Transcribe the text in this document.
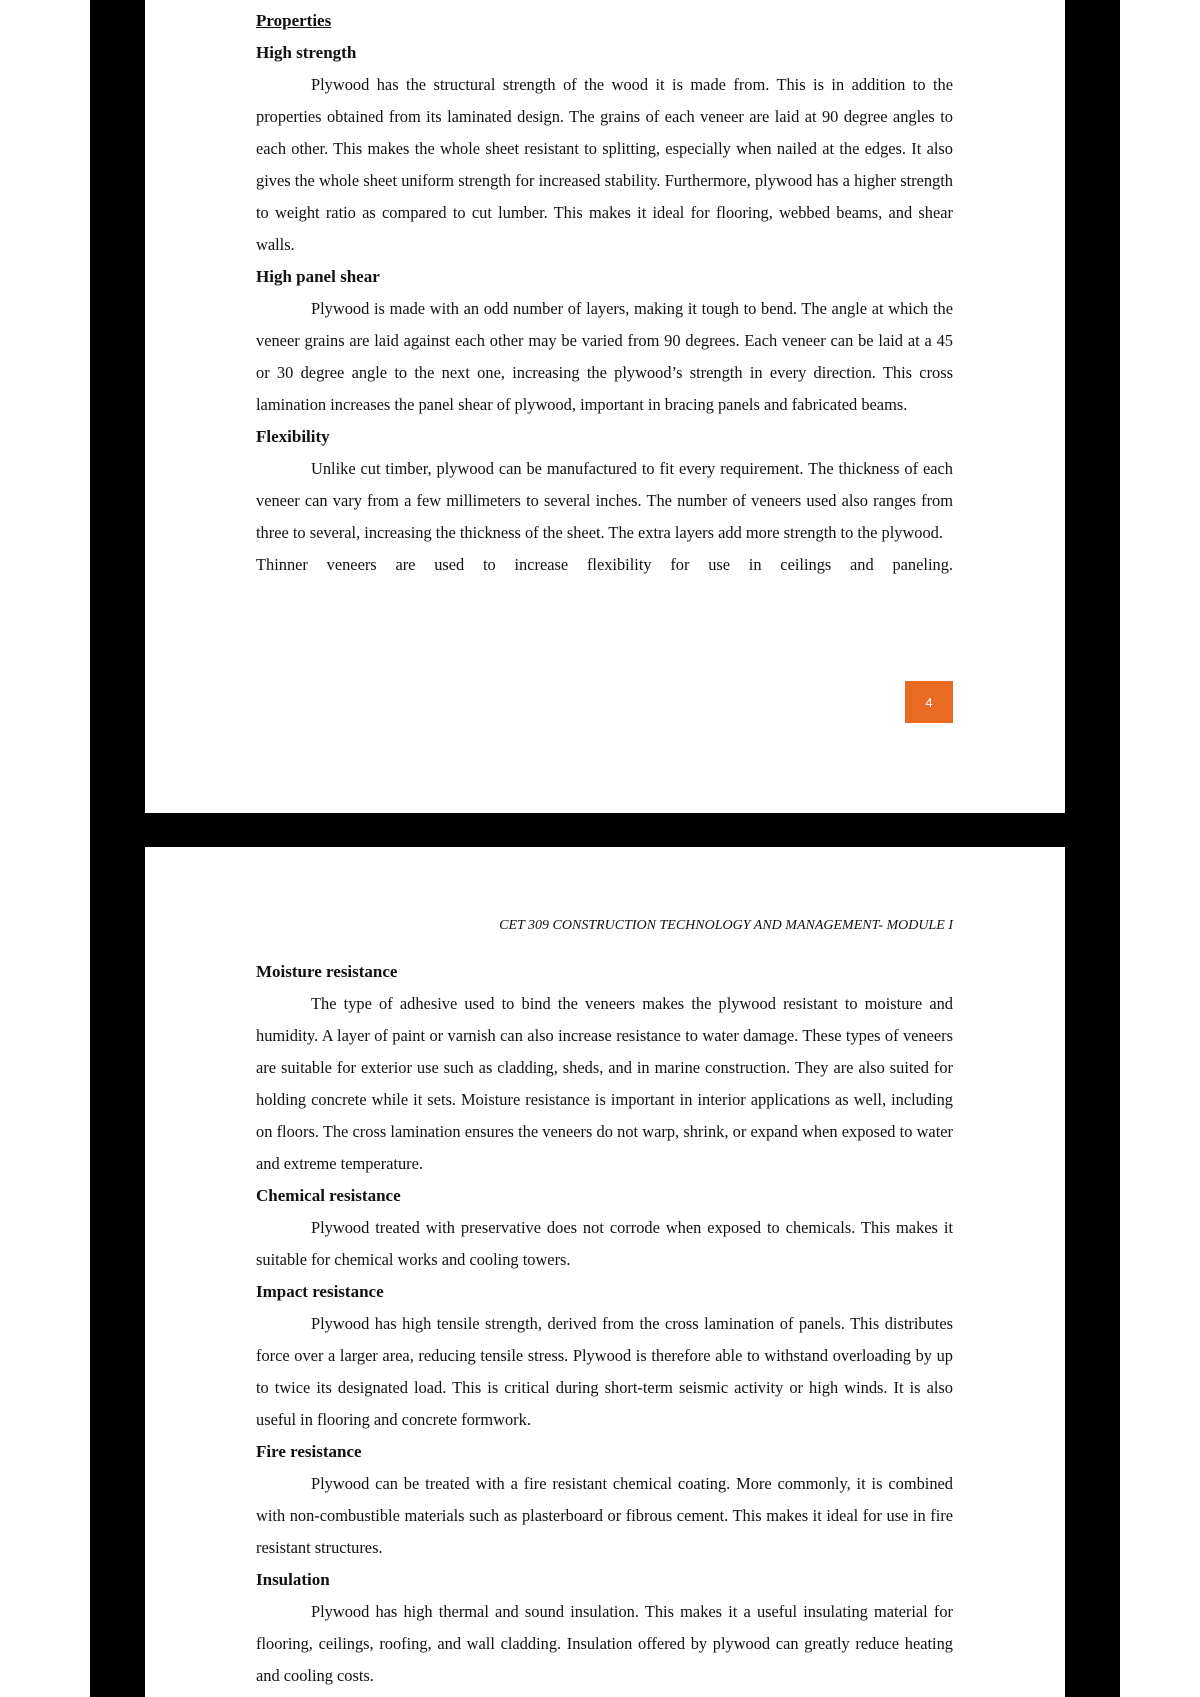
Properties
High strength
Plywood has the structural strength of the wood it is made from. This is in addition to the properties obtained from its laminated design. The grains of each veneer are laid at 90 degree angles to each other. This makes the whole sheet resistant to splitting, especially when nailed at the edges. It also gives the whole sheet uniform strength for increased stability. Furthermore, plywood has a higher strength to weight ratio as compared to cut lumber. This makes it ideal for flooring, webbed beams, and shear walls.
High panel shear
Plywood is made with an odd number of layers, making it tough to bend. The angle at which the veneer grains are laid against each other may be varied from 90 degrees. Each veneer can be laid at a 45 or 30 degree angle to the next one, increasing the plywood’s strength in every direction. This cross lamination increases the panel shear of plywood, important in bracing panels and fabricated beams.
Flexibility
Unlike cut timber, plywood can be manufactured to fit every requirement. The thickness of each veneer can vary from a few millimeters to several inches. The number of veneers used also ranges from three to several, increasing the thickness of the sheet. The extra layers add more strength to the plywood.
Thinner veneers are used to increase flexibility for use in ceilings and paneling.
4
CET 309 CONSTRUCTION TECHNOLOGY AND MANAGEMENT- MODULE I
Moisture resistance
The type of adhesive used to bind the veneers makes the plywood resistant to moisture and humidity. A layer of paint or varnish can also increase resistance to water damage. These types of veneers are suitable for exterior use such as cladding, sheds, and in marine construction. They are also suited for holding concrete while it sets. Moisture resistance is important in interior applications as well, including on floors. The cross lamination ensures the veneers do not warp, shrink, or expand when exposed to water and extreme temperature.
Chemical resistance
Plywood treated with preservative does not corrode when exposed to chemicals. This makes it suitable for chemical works and cooling towers.
Impact resistance
Plywood has high tensile strength, derived from the cross lamination of panels. This distributes force over a larger area, reducing tensile stress. Plywood is therefore able to withstand overloading by up to twice its designated load. This is critical during short-term seismic activity or high winds. It is also useful in flooring and concrete formwork.
Fire resistance
Plywood can be treated with a fire resistant chemical coating. More commonly, it is combined with non-combustible materials such as plasterboard or fibrous cement. This makes it ideal for use in fire resistant structures.
Insulation
Plywood has high thermal and sound insulation. This makes it a useful insulating material for flooring, ceilings, roofing, and wall cladding. Insulation offered by plywood can greatly reduce heating and cooling costs.
